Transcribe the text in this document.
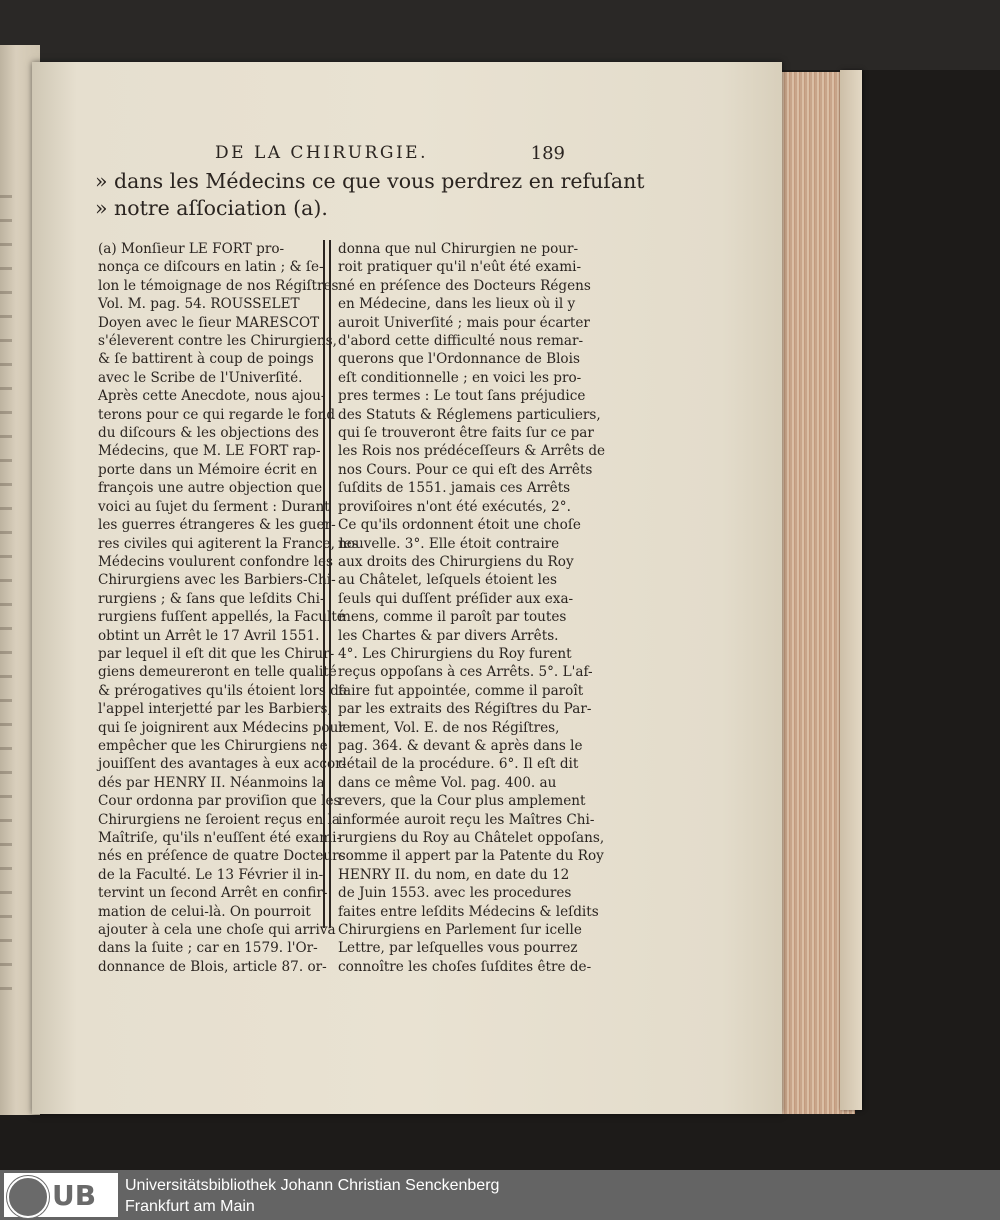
DE LA CHIRURGIE.	189
» dans les Médecins ce que vous perdrez en refuſant
» notre aſſociation (a).
(a) Monſieur LE FORT pro-
nonça ce diſcours en latin ; & ſe-
lon le témoignage de nos Régiſtres
Vol. M. pag. 54. ROUSSELET
Doyen avec le ſieur MARESCOT
s'éleverent contre les Chirurgiens,
& ſe battirent à coup de poings
avec le Scribe de l'Univerſité.
Après cette Anecdote, nous ajou-
terons pour ce qui regarde le fond
du diſcours & les objections des
Médecins, que M. LE FORT rap-
porte dans un Mémoire écrit en
françois une autre objection que
voici au ſujet du ſerment : Durant
les guerres étrangeres & les guer-
res civiles qui agiterent la France, les
Médecins voulurent confondre les
Chirurgiens avec les Barbiers-Chi-
rurgiens ; & ſans que leſdits Chi-
rurgiens fuſſent appellés, la Faculté
obtint un Arrêt le 17 Avril 1551.
par lequel il eſt dit que les Chirur-
giens demeureront en telle qualité
& prérogatives qu'ils étoient lors de
l'appel interjetté par les Barbiers,
qui ſe joignirent aux Médecins pour
empêcher que les Chirurgiens ne
jouiſſent des avantages à eux accor-
dés par HENRY II. Néanmoins la
Cour ordonna par proviſion que les
Chirurgiens ne ſeroient reçus en la
Maîtriſe, qu'ils n'euſſent été exami-
nés en préſence de quatre Docteurs
de la Faculté. Le 13 Février il in-
tervint un ſecond Arrêt en confir-
mation de celui-là. On pourroit
ajouter à cela une choſe qui arriva
dans la ſuite ; car en 1579. l'Or-
donnance de Blois, article 87. or-
donna que nul Chirurgien ne pour-
roit pratiquer qu'il n'eût été exami-
né en préſence des Docteurs Régens
en Médecine, dans les lieux où il y
auroit Univerſité ; mais pour écarter
d'abord cette difficulté nous remar-
querons que l'Ordonnance de Blois
eſt conditionnelle ; en voici les pro-
pres termes : Le tout ſans préjudice
des Statuts & Réglemens particuliers,
qui ſe trouveront être faits ſur ce par
les Rois nos prédéceſſeurs & Arrêts de
nos Cours. Pour ce qui eſt des Arrêts
ſuſdits de 1551. jamais ces Arrêts
proviſoires n'ont été exécutés, 2°.
Ce qu'ils ordonnent étoit une choſe
nouvelle. 3°. Elle étoit contraire
aux droits des Chirurgiens du Roy
au Châtelet, leſquels étoient les
ſeuls qui duſſent préſider aux exa-
mens, comme il paroît par toutes
les Chartes & par divers Arrêts.
4°. Les Chirurgiens du Roy furent
reçus oppoſans à ces Arrêts. 5°. L'af-
faire fut appointée, comme il paroît
par les extraits des Régiſtres du Par-
lement, Vol. E. de nos Régiſtres,
pag. 364. & devant & après dans le
détail de la procédure. 6°. Il eſt dit
dans ce même Vol. pag. 400. au
revers, que la Cour plus amplement
informée auroit reçu les Maîtres Chi-
rurgiens du Roy au Châtelet oppoſans,
comme il appert par la Patente du Roy
HENRY II. du nom, en date du 12
de Juin 1553. avec les procedures
faites entre leſdits Médecins & leſdits
Chirurgiens en Parlement ſur icelle
Lettre, par leſquelles vous pourrez
connoître les choſes ſuſdites être de-
UB Universitätsbibliothek Johann Christian Senckenberg
Frankfurt am Main
